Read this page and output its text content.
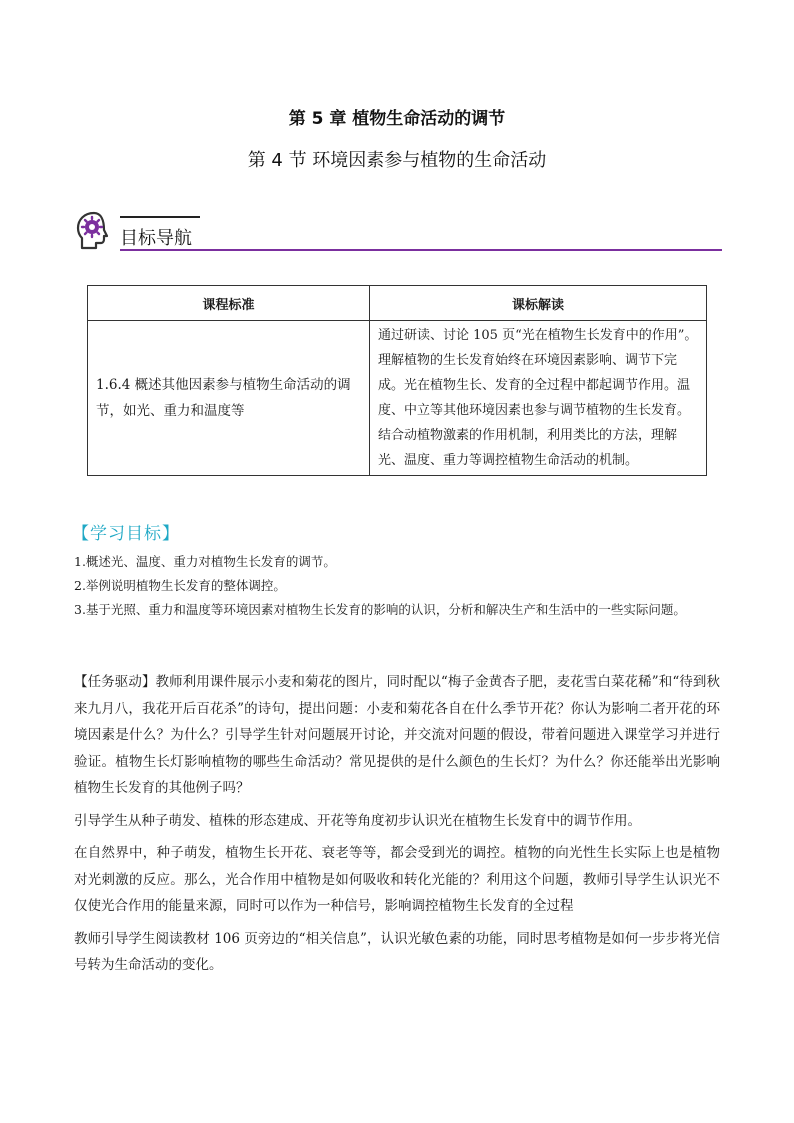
第 5 章 植物生命活动的调节
第 4 节 环境因素参与植物的生命活动
目标导航
课程标准	课标解读
1.6.4 概述其他因素参与植物生命活动的调节，如光、重力和温度等	通过研读、讨论 105 页“光在植物生长发育中的作用”。理解植物的生长发育始终在环境因素影响、调节下完成。光在植物生长、发育的全过程中都起调节作用。温度、中立等其他环境因素也参与调节植物的生长发育。结合动植物激素的作用机制，利用类比的方法，理解光、温度、重力等调控植物生命活动的机制。
【学习目标】

1.概述光、温度、重力对植物生长发育的调节。

2.举例说明植物生长发育的整体调控。

3.基于光照、重力和温度等环境因素对植物生长发育的影响的认识，分析和解决生产和生活中的一些实际问题。

【任务驱动】教师利用课件展示小麦和菊花的图片，同时配以“梅子金黄杏子肥，麦花雪白菜花稀”和“待到秋来九月八，我花开后百花杀”的诗句，提出问题：小麦和菊花各自在什么季节开花？你认为影响二者开花的环境因素是什么？为什么？引导学生针对问题展开讨论，并交流对问题的假设，带着问题进入课堂学习并进行验证。植物生长灯影响植物的哪些生命活动？常见提供的是什么颜色的生长灯？为什么？你还能举出光影响植物生长发育的其他例子吗？

引导学生从种子萌发、植株的形态建成、开花等角度初步认识光在植物生长发育中的调节作用。

在自然界中，种子萌发，植物生长开花、衰老等等，都会受到光的调控。植物的向光性生长实际上也是植物对光刺激的反应。那么，光合作用中植物是如何吸收和转化光能的？利用这个问题，教师引导学生认识光不仅使光合作用的能量来源，同时可以作为一种信号，影响调控植物生长发育的全过程

教师引导学生阅读教材 106 页旁边的“相关信息”，认识光敏色素的功能，同时思考植物是如何一步步将光信号转为生命活动的变化。
